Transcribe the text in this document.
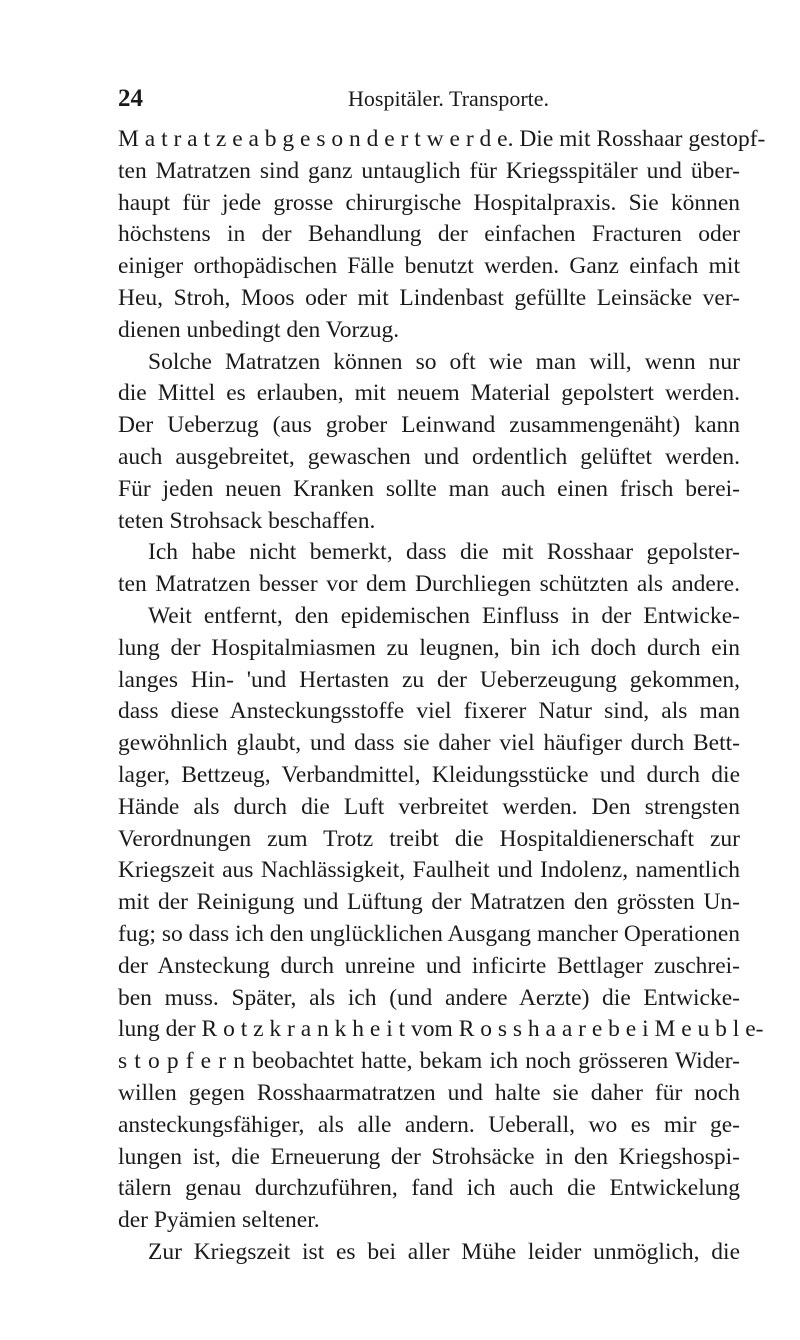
24	Hospitäler. Transporte.
M a t r a t z e a b g e s o n d e r t w e r d e. Die mit Rosshaar gestopf-
ten Matratzen sind ganz untauglich für Kriegsspitäler und über-
haupt für jede grosse chirurgische Hospitalpraxis. Sie können
höchstens in der Behandlung der einfachen Fracturen oder
einiger orthopädischen Fälle benutzt werden. Ganz einfach mit
Heu, Stroh, Moos oder mit Lindenbast gefüllte Leinsäcke ver-
dienen unbedingt den Vorzug.
Solche Matratzen können so oft wie man will, wenn nur
die Mittel es erlauben, mit neuem Material gepolstert werden.
Der Ueberzug (aus grober Leinwand zusammengenäht) kann
auch ausgebreitet, gewaschen und ordentlich gelüftet werden.
Für jeden neuen Kranken sollte man auch einen frisch berei-
teten Strohsack beschaffen.
Ich habe nicht bemerkt, dass die mit Rosshaar gepolster-
ten Matratzen besser vor dem Durchliegen schützten als andere.
Weit entfernt, den epidemischen Einfluss in der Entwicke-
lung der Hospitalmiasmen zu leugnen, bin ich doch durch ein
langes Hin- 'und Hertasten zu der Ueberzeugung gekommen,
dass diese Ansteckungsstoffe viel fixerer Natur sind, als man
gewöhnlich glaubt, und dass sie daher viel häufiger durch Bett-
lager, Bettzeug, Verbandmittel, Kleidungsstücke und durch die
Hände als durch die Luft verbreitet werden. Den strengsten
Verordnungen zum Trotz treibt die Hospitaldienerschaft zur
Kriegszeit aus Nachlässigkeit, Faulheit und Indolenz, namentlich
mit der Reinigung und Lüftung der Matratzen den grössten Un-
fug; so dass ich den unglücklichen Ausgang mancher Operationen
der Ansteckung durch unreine und inficirte Bettlager zuschrei-
ben muss. Später, als ich (und andere Aerzte) die Entwicke-
lung der R o t z k r a n k h e i t vom R o s s h a a r e b e i M e u b l e-
s t o p f e r n beobachtet hatte, bekam ich noch grösseren Wider-
willen gegen Rosshaarmatratzen und halte sie daher für noch
ansteckungsfähiger, als alle andern. Ueberall, wo es mir ge-
lungen ist, die Erneuerung der Strohsäcke in den Kriegshospi-
tälern genau durchzuführen, fand ich auch die Entwickelung
der Pyämien seltener.
Zur Kriegszeit ist es bei aller Mühe leider unmöglich, die
